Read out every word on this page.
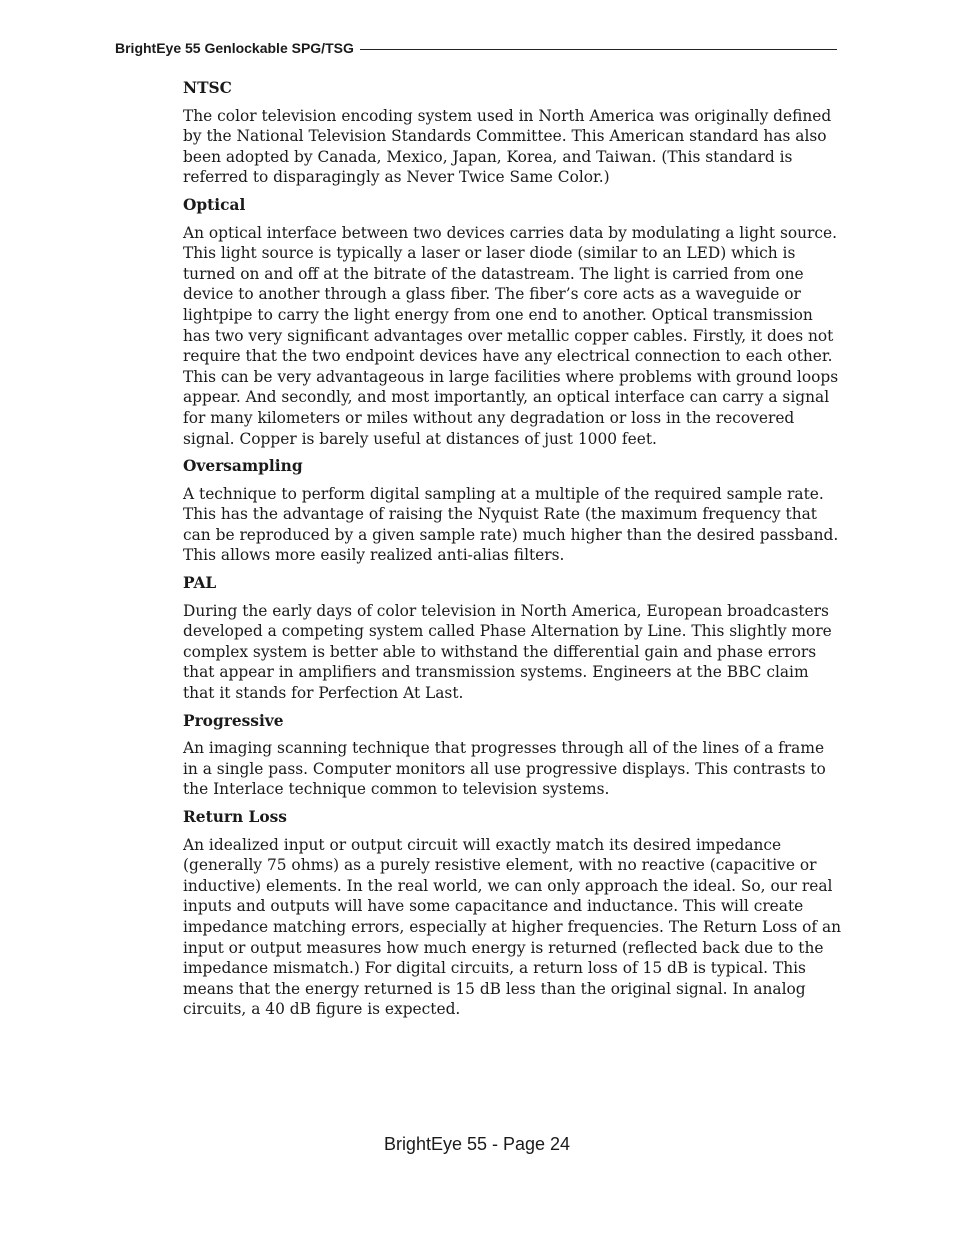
BrightEye 55 Genlockable SPG/TSG

NTSC

The color television encoding system used in North America was originally defined by the National Television Standards Committee. This American standard has also been adopted by Canada, Mexico, Japan, Korea, and Taiwan. (This standard is referred to disparagingly as Never Twice Same Color.)

Optical

An optical interface between two devices carries data by modulating a light source. This light source is typically a laser or laser diode (similar to an LED) which is turned on and off at the bitrate of the datastream. The light is carried from one device to another through a glass fiber. The fiber’s core acts as a waveguide or lightpipe to carry the light energy from one end to another. Optical transmission has two very significant advantages over metallic copper cables. Firstly, it does not require that the two endpoint devices have any electrical connection to each other. This can be very advantageous in large facilities where problems with ground loops appear. And secondly, and most importantly, an optical interface can carry a signal for many kilometers or miles without any degradation or loss in the recovered signal. Copper is barely useful at distances of just 1000 feet.

Oversampling

A technique to perform digital sampling at a multiple of the required sample rate. This has the advantage of raising the Nyquist Rate (the maximum frequency that can be reproduced by a given sample rate) much higher than the desired passband. This allows more easily realized anti-alias filters.

PAL

During the early days of color television in North America, European broadcasters developed a competing system called Phase Alternation by Line. This slightly more complex system is better able to withstand the differential gain and phase errors that appear in amplifiers and transmission systems. Engineers at the BBC claim that it stands for Perfection At Last.

Progressive

An imaging scanning technique that progresses through all of the lines of a frame in a single pass. Computer monitors all use progressive displays. This contrasts to the Interlace technique common to television systems.

Return Loss

An idealized input or output circuit will exactly match its desired impedance (generally 75 ohms) as a purely resistive element, with no reactive (capacitive or inductive) elements. In the real world, we can only approach the ideal. So, our real inputs and outputs will have some capacitance and inductance. This will create impedance matching errors, especially at higher frequencies. The Return Loss of an input or output measures how much energy is returned (reflected back due to the impedance mismatch.) For digital circuits, a return loss of 15 dB is typical. This means that the energy returned is 15 dB less than the original signal. In analog circuits, a 40 dB figure is expected.

BrightEye 55 - Page 24
